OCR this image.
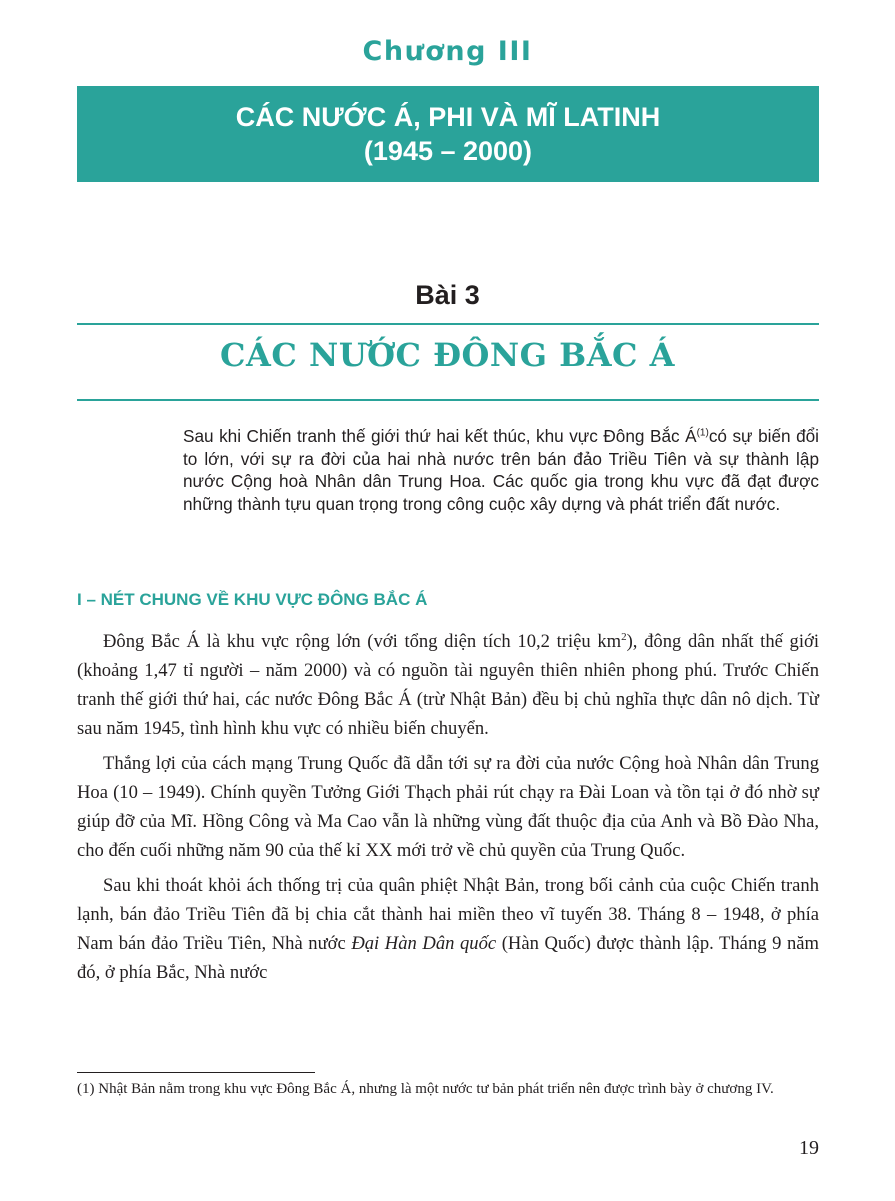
Chương III
CÁC NƯỚC Á, PHI VÀ MĨ LATINH
(1945 – 2000)
Bài 3
CÁC NƯỚC ĐÔNG BẮC Á

Sau khi Chiến tranh thế giới thứ hai kết thúc, khu vực Đông Bắc $Á^{(1)}có$ sự biến đổi to lớn, với sự ra đời của hai nhà nước trên bán đảo Triều Tiên và sự thành lập nước Cộng hoà Nhân dân Trung Hoa. Các quốc gia trong khu vực đã đạt được những thành tựu quan trọng trong công cuộc xây dựng và phát triển đất nước.

I – NÉT CHUNG VỀ KHU VỰC ĐÔNG BẮC Á

Đông Bắc Á là khu vực rộng lớn (với tổng diện tích 10,2 triệu $km^2$), đông dân nhất thế giới (khoảng 1,47 tỉ người – năm 2000) và có nguồn tài nguyên thiên nhiên phong phú. Trước Chiến tranh thế giới thứ hai, các nước Đông Bắc Á (trừ Nhật Bản) đều bị chủ nghĩa thực dân nô dịch. Từ sau năm 1945, tình hình khu vực có nhiều biến chuyển.

Thắng lợi của cách mạng Trung Quốc đã dẫn tới sự ra đời của nước Cộng hoà Nhân dân Trung Hoa (10 – 1949). Chính quyền Tưởng Giới Thạch phải rút chạy ra Đài Loan và tồn tại ở đó nhờ sự giúp đỡ của Mĩ. Hồng Công và Ma Cao vẫn là những vùng đất thuộc địa của Anh và Bồ Đào Nha, cho đến cuối những năm 90 của thế kỉ XX mới trở về chủ quyền của Trung Quốc.

Sau khi thoát khỏi ách thống trị của quân phiệt Nhật Bản, trong bối cảnh của cuộc Chiến tranh lạnh, bán đảo Triều Tiên đã bị chia cắt thành hai miền theo vĩ tuyến 38. Tháng 8 – 1948, ở phía Nam bán đảo Triều Tiên, Nhà nước Đại Hàn Dân quốc (Hàn Quốc) được thành lập. Tháng 9 năm đó, ở phía Bắc, Nhà nước

(1) Nhật Bản nằm trong khu vực Đông Bắc Á, nhưng là một nước tư bản phát triển nên được trình bày ở chương IV.
19
